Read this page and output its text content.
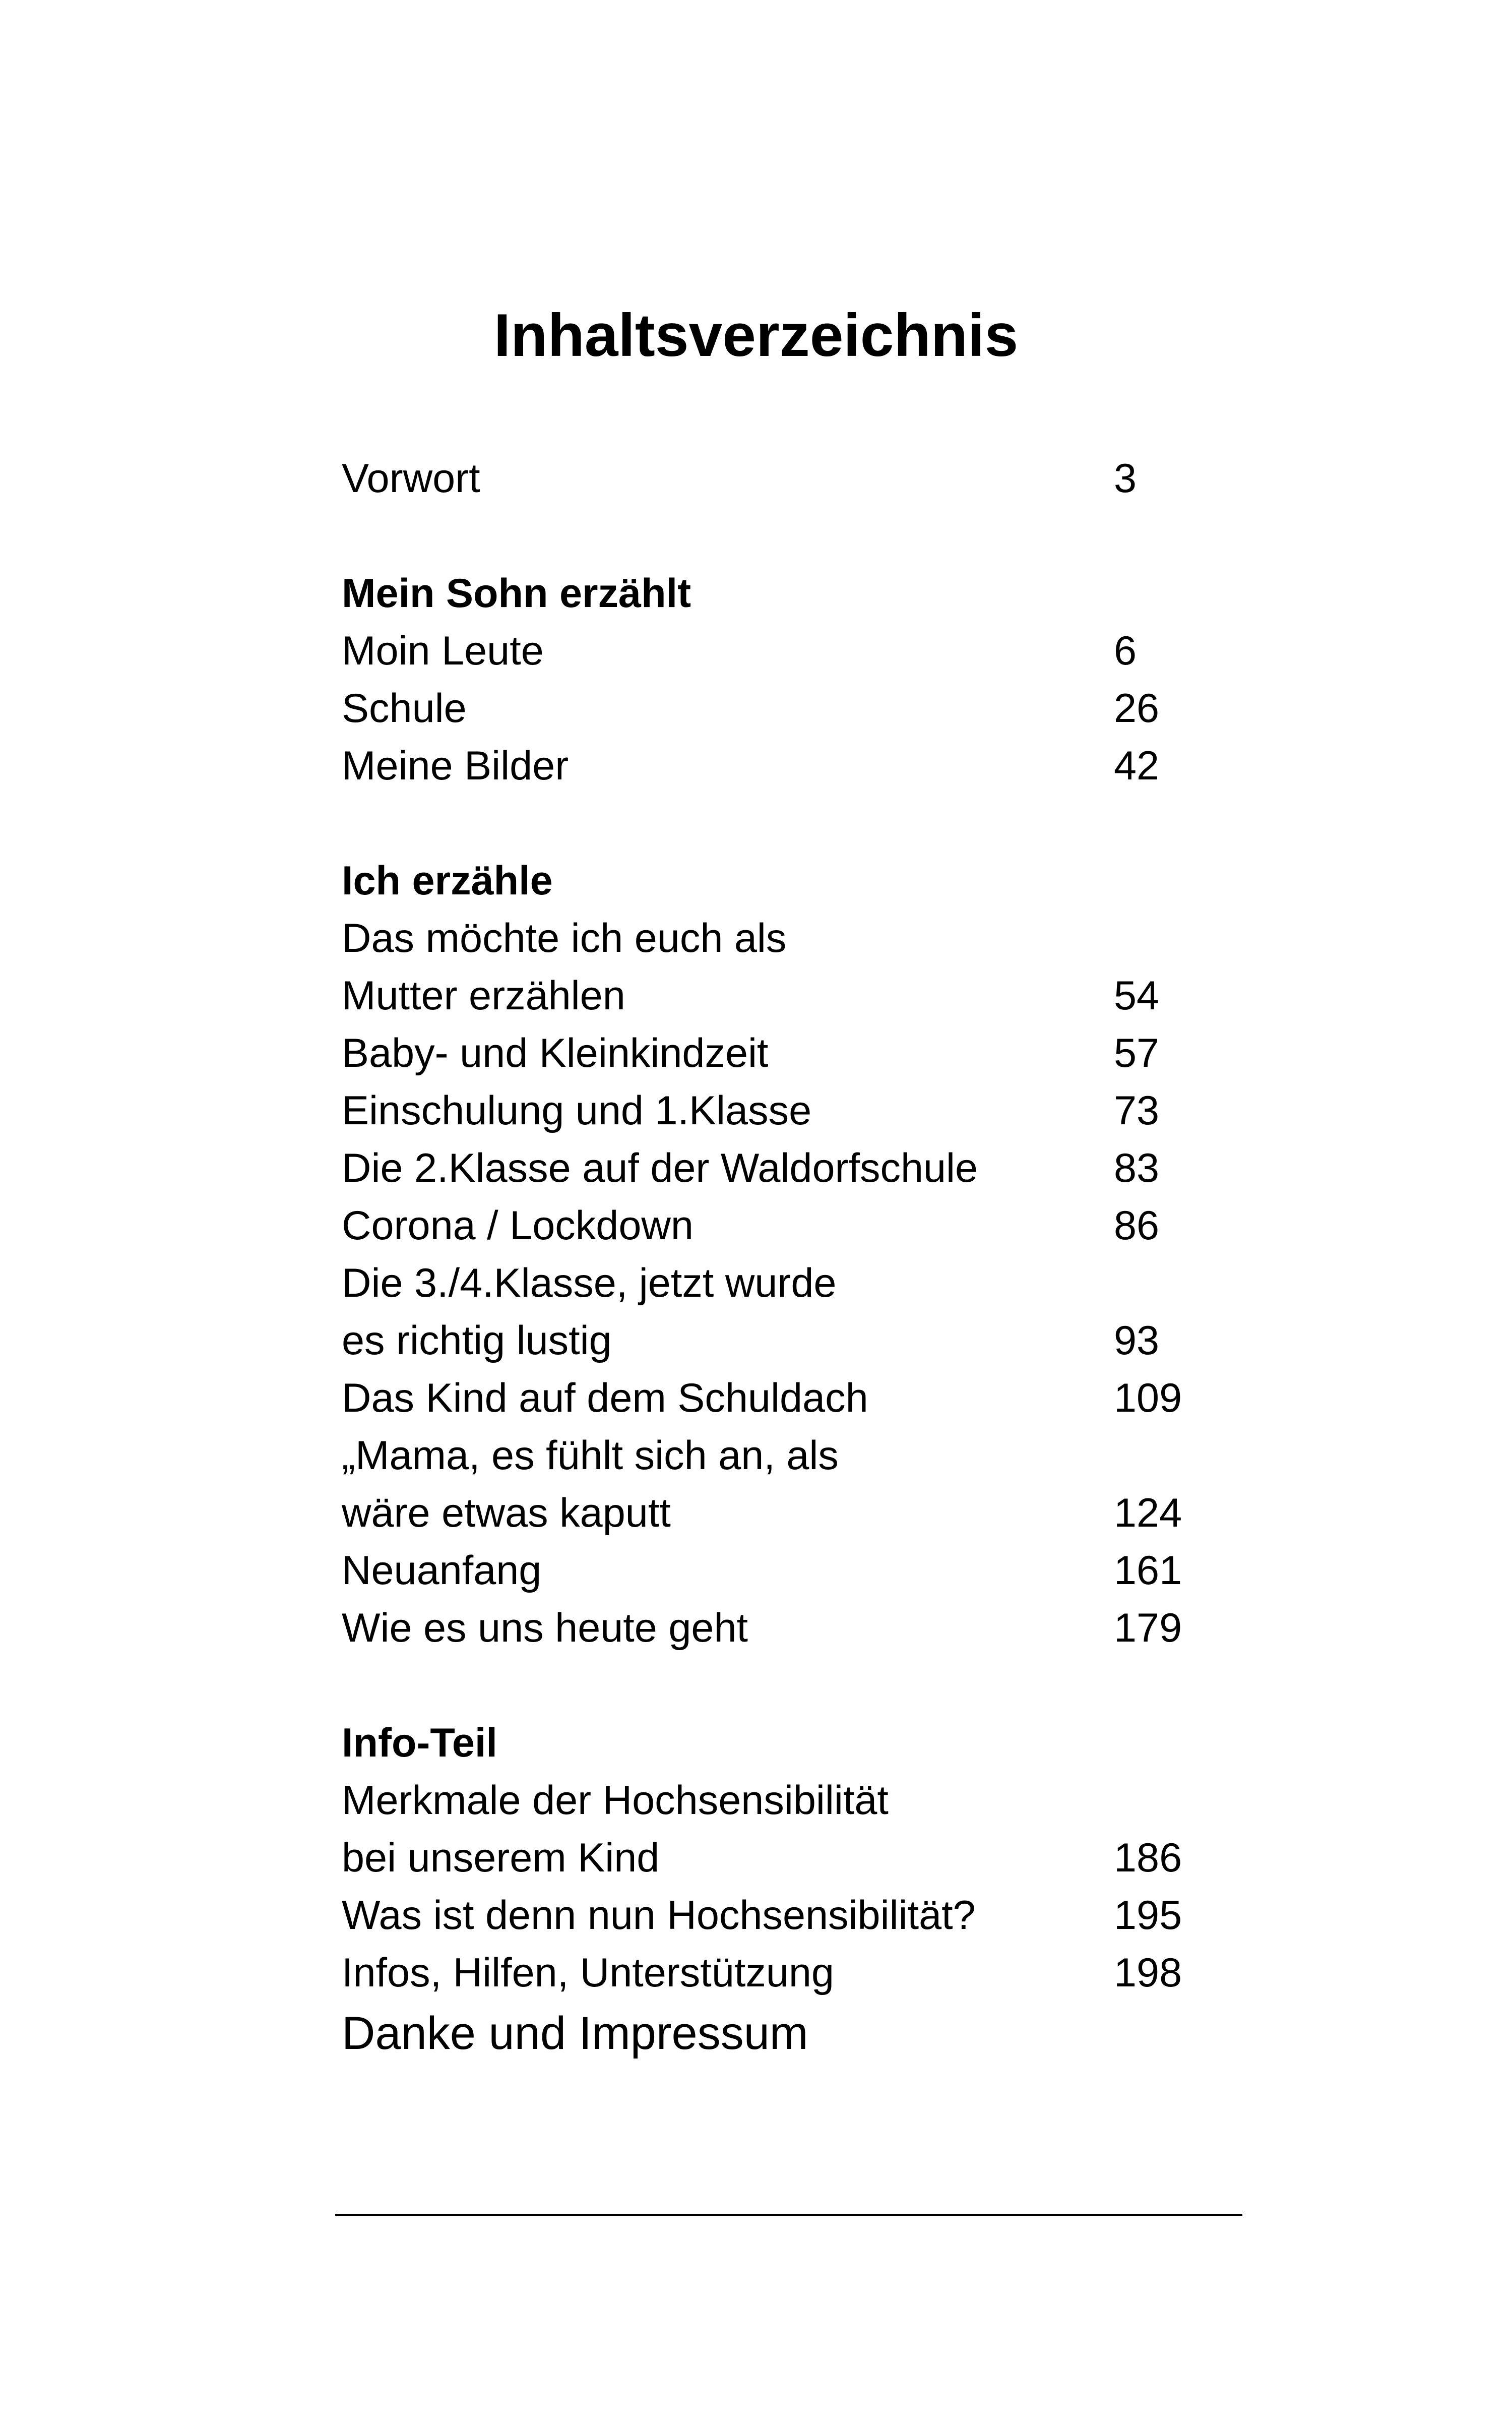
Inhaltsverzeichnis
Vorwort	3
Mein Sohn erzählt
Moin Leute	6
Schule	26
Meine Bilder	42
Ich erzähle
Das möchte ich euch als
Mutter erzählen	54
Baby- und Kleinkindzeit	57
Einschulung und 1.Klasse	73
Die 2.Klasse auf der Waldorfschule	83
Corona / Lockdown	86
Die 3./4.Klasse, jetzt wurde
es richtig lustig	93
Das Kind auf dem Schuldach	109
„Mama, es fühlt sich an, als
wäre etwas kaputt	124
Neuanfang	161
Wie es uns heute geht	179
Info-Teil
Merkmale der Hochsensibilität
bei unserem Kind	186
Was ist denn nun Hochsensibilität?	195
Infos, Hilfen, Unterstützung	198
Danke und Impressum
